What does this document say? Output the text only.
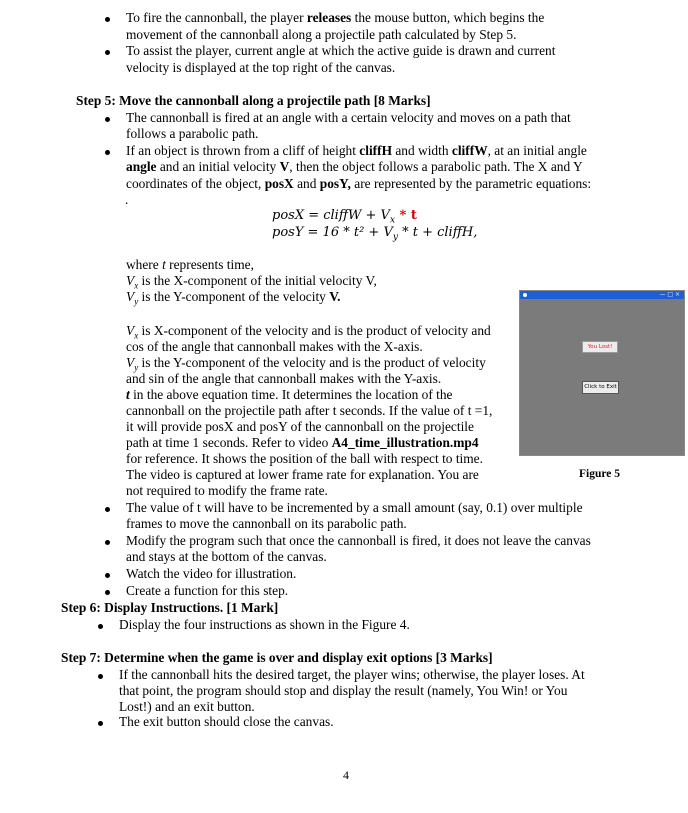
To fire the cannonball, the player releases the mouse button, which begins the
movement of the cannonball along a projectile path calculated by Step 5.
To assist the player, current angle at which the active guide is drawn and current
velocity is displayed at the top right of the canvas.
Step 5: Move the cannonball along a projectile path [8 Marks]
The cannonball is fired at an angle with a certain velocity and moves on a path that
follows a parabolic path.
If an object is thrown from a cliff of height cliffH and width cliffW, at an initial angle
angle and an initial velocity V, then the object follows a parabolic path. The X and Y
coordinates of the object, posX and posY, are represented by the parametric equations:
.
posX = cliffW + $V_x$ * t
posY = $16 * t^2 + V_y * t$ + cliffH,
where t represents time,
$V_x$ is the X-component of the initial velocity V,
$V_y$ is the Y-component of the velocity V.
$V_x$ is X-component of the velocity and is the product of velocity and
cos of the angle that cannonball makes with the X-axis.
$V_y$ is the Y-component of the velocity and is the product of velocity
and sin of the angle that cannonball makes with the Y-axis.
t in the above equation time. It determines the location of the
cannonball on the projectile path after t seconds. If the value of t =1,
it will provide posX and posY of the cannonball on the projectile
path at time 1 seconds. Refer to video A4_time_illustration.mp4
for reference. It shows the position of the ball with respect to time.
The video is captured at lower frame rate for explanation. You are
not required to modify the frame rate.
— □ ×
You Lost!
Click to Exit
Figure 5
The value of t will have to be incremented by a small amount (say, 0.1) over multiple
frames to move the cannonball on its parabolic path.
Modify the program such that once the cannonball is fired, it does not leave the canvas
and stays at the bottom of the canvas.
Watch the video for illustration.
Create a function for this step.
Step 6: Display Instructions. [1 Mark]
Display the four instructions as shown in the Figure 4.
Step 7: Determine when the game is over and display exit options [3 Marks]
If the cannonball hits the desired target, the player wins; otherwise, the player loses. At
that point, the program should stop and display the result (namely, You Win! or You
Lost!) and an exit button.
The exit button should close the canvas.
4
